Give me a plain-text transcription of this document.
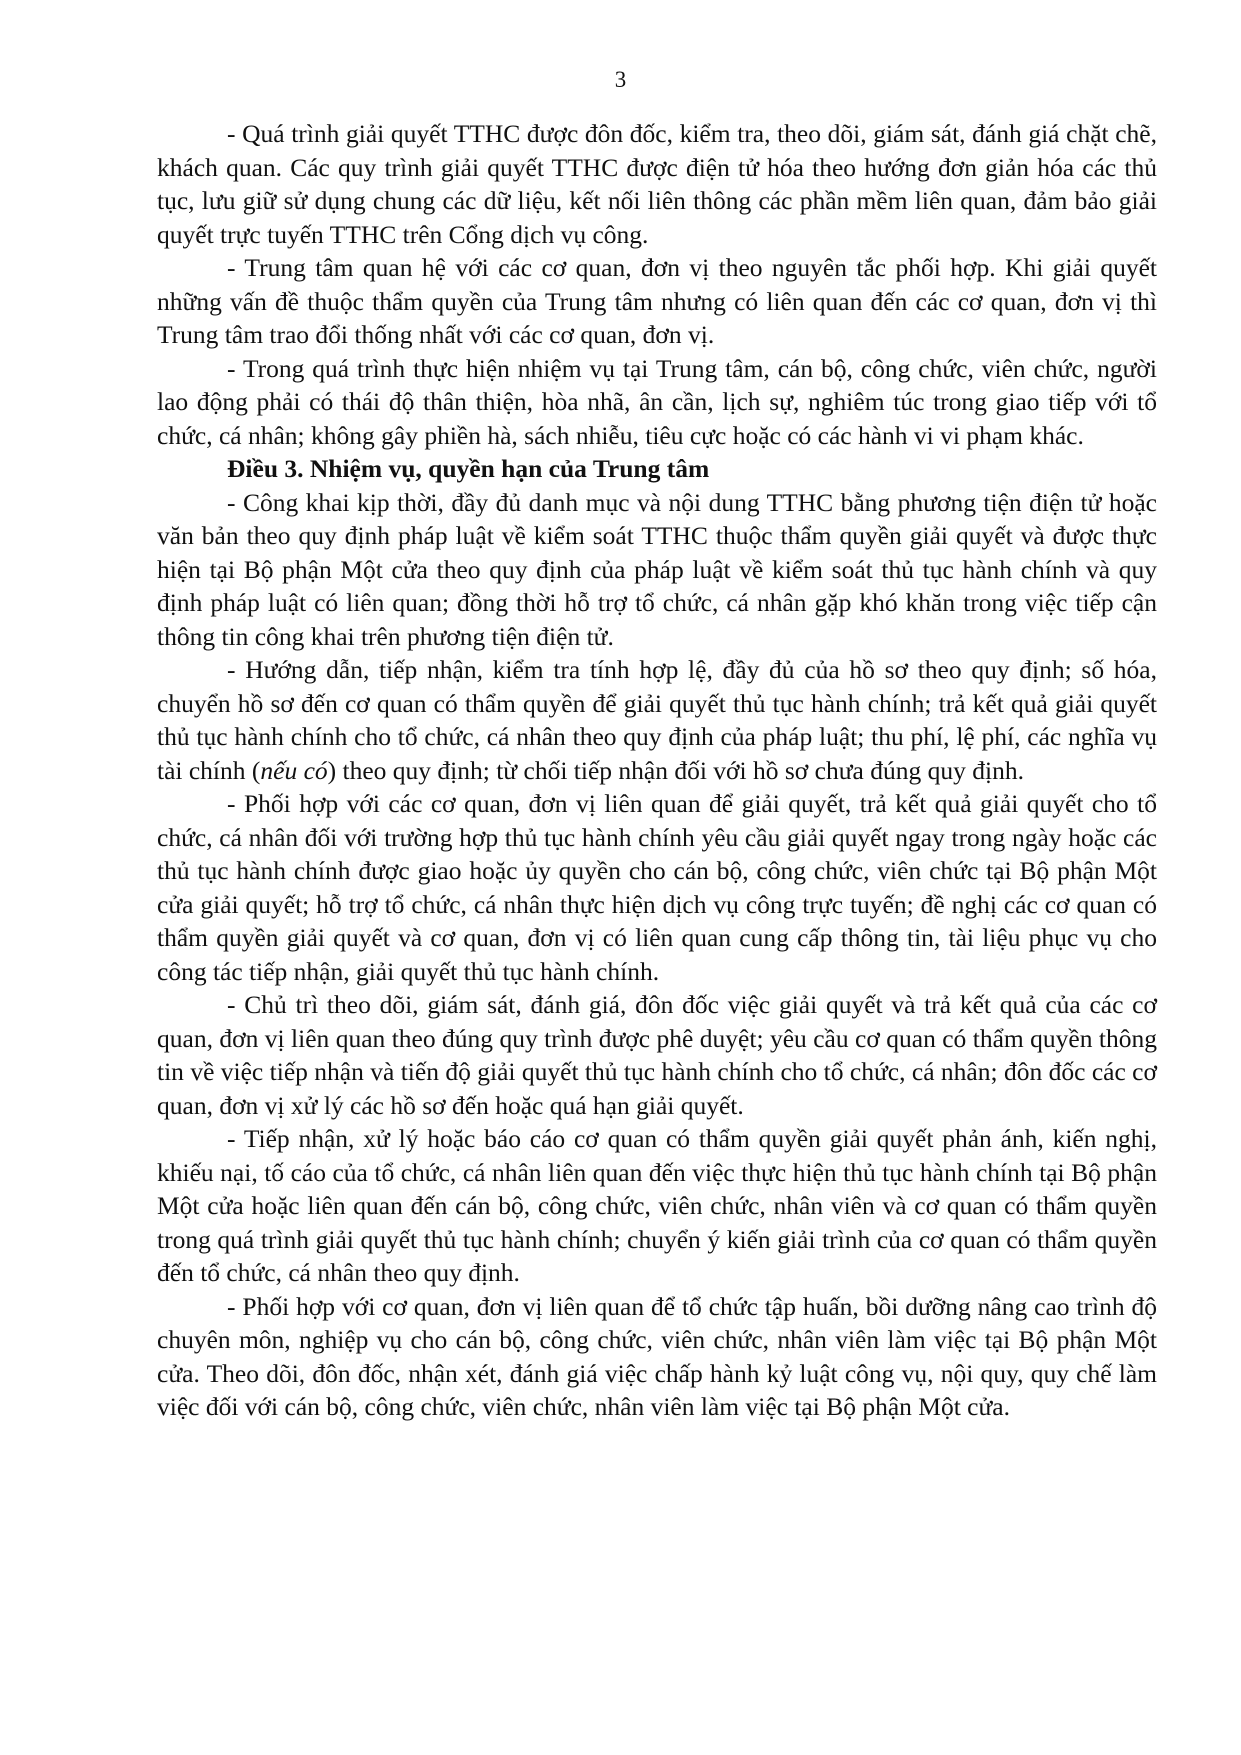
3

- Quá trình giải quyết TTHC được đôn đốc, kiểm tra, theo dõi, giám sát, đánh giá chặt chẽ, khách quan. Các quy trình giải quyết TTHC được điện tử hóa theo hướng đơn giản hóa các thủ tục, lưu giữ sử dụng chung các dữ liệu, kết nối liên thông các phần mềm liên quan, đảm bảo giải quyết trực tuyến TTHC trên Cổng dịch vụ công.

- Trung tâm quan hệ với các cơ quan, đơn vị theo nguyên tắc phối hợp. Khi giải quyết những vấn đề thuộc thẩm quyền của Trung tâm nhưng có liên quan đến các cơ quan, đơn vị thì Trung tâm trao đổi thống nhất với các cơ quan, đơn vị.

- Trong quá trình thực hiện nhiệm vụ tại Trung tâm, cán bộ, công chức, viên chức, người lao động phải có thái độ thân thiện, hòa nhã, ân cần, lịch sự, nghiêm túc trong giao tiếp với tổ chức, cá nhân; không gây phiền hà, sách nhiễu, tiêu cực hoặc có các hành vi vi phạm khác.

Điều 3. Nhiệm vụ, quyền hạn của Trung tâm

- Công khai kịp thời, đầy đủ danh mục và nội dung TTHC bằng phương tiện điện tử hoặc văn bản theo quy định pháp luật về kiểm soát TTHC thuộc thẩm quyền giải quyết và được thực hiện tại Bộ phận Một cửa theo quy định của pháp luật về kiểm soát thủ tục hành chính và quy định pháp luật có liên quan; đồng thời hỗ trợ tổ chức, cá nhân gặp khó khăn trong việc tiếp cận thông tin công khai trên phương tiện điện tử.

- Hướng dẫn, tiếp nhận, kiểm tra tính hợp lệ, đầy đủ của hồ sơ theo quy định; số hóa, chuyển hồ sơ đến cơ quan có thẩm quyền để giải quyết thủ tục hành chính; trả kết quả giải quyết thủ tục hành chính cho tổ chức, cá nhân theo quy định của pháp luật; thu phí, lệ phí, các nghĩa vụ tài chính (nếu có) theo quy định; từ chối tiếp nhận đối với hồ sơ chưa đúng quy định.

- Phối hợp với các cơ quan, đơn vị liên quan để giải quyết, trả kết quả giải quyết cho tổ chức, cá nhân đối với trường hợp thủ tục hành chính yêu cầu giải quyết ngay trong ngày hoặc các thủ tục hành chính được giao hoặc ủy quyền cho cán bộ, công chức, viên chức tại Bộ phận Một cửa giải quyết; hỗ trợ tổ chức, cá nhân thực hiện dịch vụ công trực tuyến; đề nghị các cơ quan có thẩm quyền giải quyết và cơ quan, đơn vị có liên quan cung cấp thông tin, tài liệu phục vụ cho công tác tiếp nhận, giải quyết thủ tục hành chính.

- Chủ trì theo dõi, giám sát, đánh giá, đôn đốc việc giải quyết và trả kết quả của các cơ quan, đơn vị liên quan theo đúng quy trình được phê duyệt; yêu cầu cơ quan có thẩm quyền thông tin về việc tiếp nhận và tiến độ giải quyết thủ tục hành chính cho tổ chức, cá nhân; đôn đốc các cơ quan, đơn vị xử lý các hồ sơ đến hoặc quá hạn giải quyết.

- Tiếp nhận, xử lý hoặc báo cáo cơ quan có thẩm quyền giải quyết phản ánh, kiến nghị, khiếu nại, tố cáo của tổ chức, cá nhân liên quan đến việc thực hiện thủ tục hành chính tại Bộ phận Một cửa hoặc liên quan đến cán bộ, công chức, viên chức, nhân viên và cơ quan có thẩm quyền trong quá trình giải quyết thủ tục hành chính; chuyển ý kiến giải trình của cơ quan có thẩm quyền đến tổ chức, cá nhân theo quy định.

- Phối hợp với cơ quan, đơn vị liên quan để tổ chức tập huấn, bồi dưỡng nâng cao trình độ chuyên môn, nghiệp vụ cho cán bộ, công chức, viên chức, nhân viên làm việc tại Bộ phận Một cửa. Theo dõi, đôn đốc, nhận xét, đánh giá việc chấp hành kỷ luật công vụ, nội quy, quy chế làm việc đối với cán bộ, công chức, viên chức, nhân viên làm việc tại Bộ phận Một cửa.
